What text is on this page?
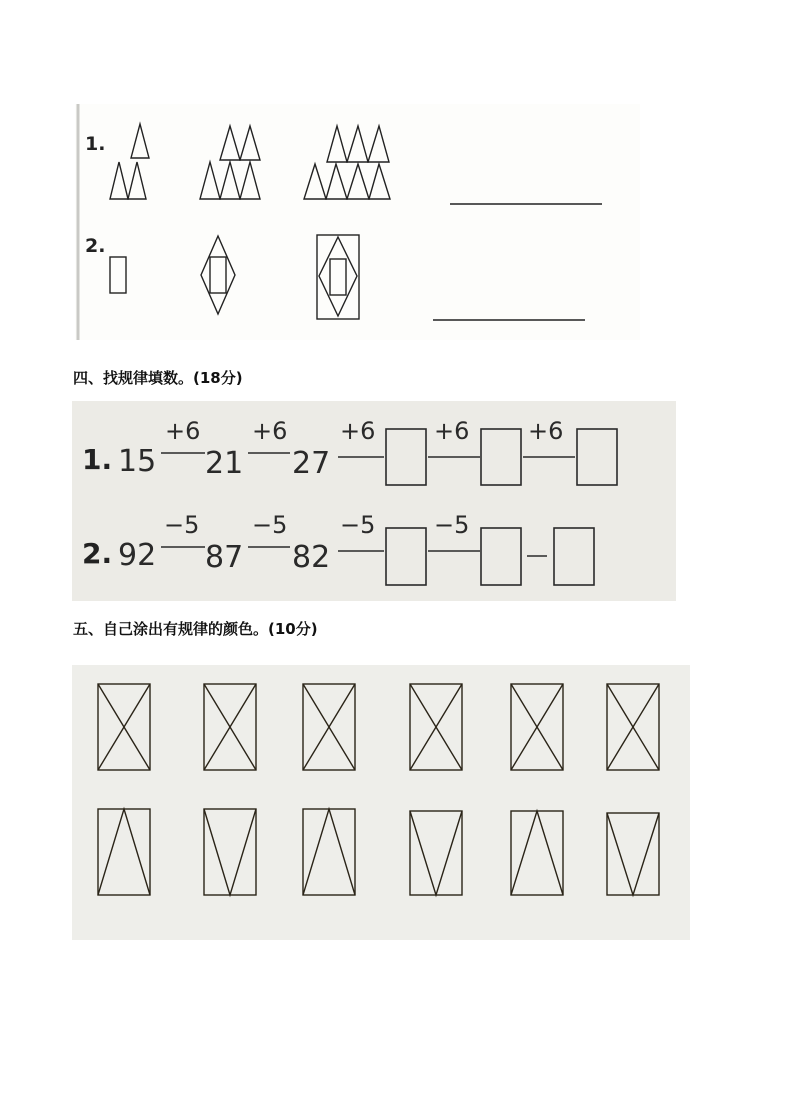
1.
2.
四、找规律填数。(18分)
1. 15
+6
21
+6
27
+6 +6 +6
2. 92
−5
87
−5
82
−5 −5
五、自己涂出有规律的颜色。(10分)
